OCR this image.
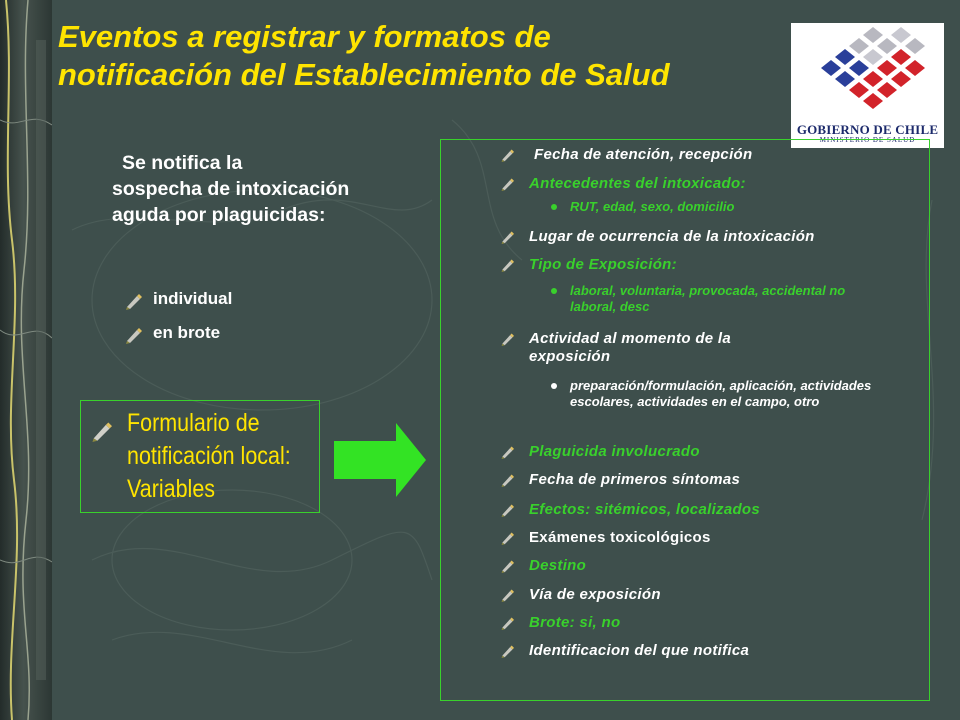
Eventos a registrar y formatos de
notificación del Establecimiento de Salud
GOBIERNO DE CHILE
MINISTERIO DE SALUD
Se notifica la
sospecha de intoxicación aguda por plaguicidas:
individual
en brote
Formulario de notificación local: Variables
Fecha de atención, recepción
Antecedentes del intoxicado:
RUT, edad, sexo, domicilio
Lugar de ocurrencia de la intoxicación
Tipo de Exposición:
laboral, voluntaria, provocada, accidental no laboral, desc
Actividad al momento de la exposición
preparación/formulación, aplicación, actividades escolares, actividades en el campo, otro
Plaguicida involucrado
Fecha de primeros síntomas
Efectos: sitémicos, localizados
Exámenes toxicológicos
Destino
Vía de exposición
Brote: si, no
Identificacion del que notifica
